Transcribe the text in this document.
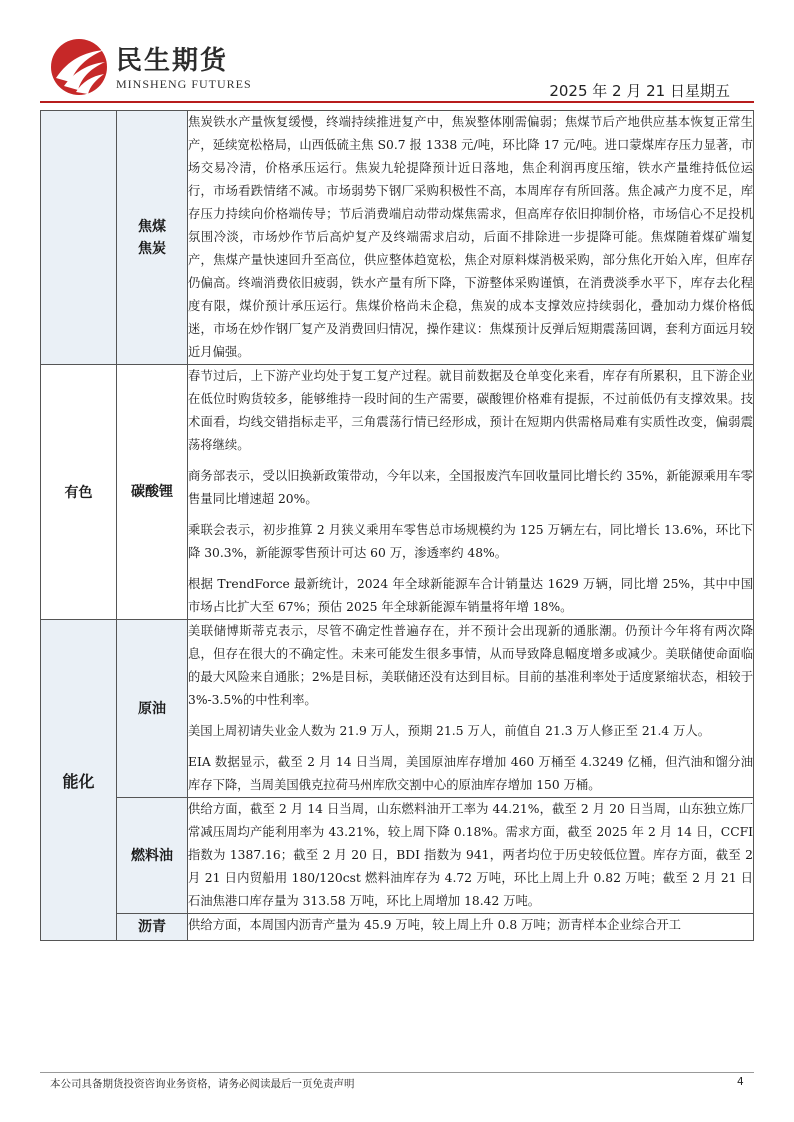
民生期货
MINSHENG FUTURES	2025 年 2 月 21 日星期五
	焦煤
焦炭	焦炭铁水产量恢复缓慢，终端持续推进复产中，焦炭整体刚需偏弱；焦煤节后产地供应基本恢复正常生产，延续宽松格局，山西低硫主焦 S0.7 报 1338 元/吨，环比降 17 元/吨。进口蒙煤库存压力显著，市场交易冷清，价格承压运行。焦炭九轮提降预计近日落地，焦企利润再度压缩，铁水产量维持低位运行，市场看跌情绪不减。市场弱势下钢厂采购积极性不高，本周库存有所回落。焦企减产力度不足，库存压力持续向价格端传导；节后消费端启动带动煤焦需求，但高库存依旧抑制价格，市场信心不足投机氛围冷淡，市场炒作节后高炉复产及终端需求启动，后面不排除进一步提降可能。焦煤随着煤矿端复产，焦煤产量快速回升至高位，供应整体趋宽松，焦企对原料煤消极采购，部分焦化开始入库，但库存仍偏高。终端消费依旧疲弱，铁水产量有所下降，下游整体采购谨慎，在消费淡季水平下，库存去化程度有限，煤价预计承压运行。焦煤价格尚未企稳，焦炭的成本支撑效应持续弱化，叠加动力煤价格低迷，市场在炒作钢厂复产及消费回归情况，操作建议：焦煤预计反弹后短期震荡回调，套利方面远月较近月偏强。

有色	碳酸锂	春节过后，上下游产业均处于复工复产过程。就目前数据及仓单变化来看，库存有所累积，且下游企业在低位时购货较多，能够维持一段时间的生产需要，碳酸锂价格难有提振，不过前低仍有支撑效果。技术面看，均线交错指标走平，三角震荡行情已经形成，预计在短期内供需格局难有实质性改变，偏弱震荡将继续。

商务部表示，受以旧换新政策带动，今年以来，全国报废汽车回收量同比增长约 35%，新能源乘用车零售量同比增速超 20%。

乘联会表示，初步推算 2 月狭义乘用车零售总市场规模约为 125 万辆左右，同比增长 13.6%，环比下降 30.3%，新能源零售预计可达 60 万，渗透率约 48%。

根据 TrendForce 最新统计，2024 年全球新能源车合计销量达 1629 万辆，同比增 25%，其中中国市场占比扩大至 67%；预估 2025 年全球新能源车销量将年增 18%。

能化	原油	美联储博斯蒂克表示，尽管不确定性普遍存在，并不预计会出现新的通胀潮。仍预计今年将有两次降息，但存在很大的不确定性。未来可能发生很多事情，从而导致降息幅度增多或减少。美联储使命面临的最大风险来自通胀；2%是目标，美联储还没有达到目标。目前的基准利率处于适度紧缩状态，相较于 3%-3.5%的中性利率。

美国上周初请失业金人数为 21.9 万人，预期 21.5 万人，前值自 21.3 万人修正至 21.4 万人。

EIA 数据显示，截至 2 月 14 日当周，美国原油库存增加 460 万桶至 4.3249 亿桶，但汽油和馏分油库存下降，当周美国俄克拉荷马州库欣交割中心的原油库存增加 150 万桶。

	燃料油	供给方面，截至 2 月 14 日当周，山东燃料油开工率为 44.21%，截至 2 月 20 日当周，山东独立炼厂常减压周均产能利用率为 43.21%，较上周下降 0.18%。需求方面，截至 2025 年 2 月 14 日，CCFI 指数为 1387.16；截至 2 月 20 日，BDI 指数为 941，两者均位于历史较低位置。库存方面，截至 2 月 21 日内贸船用 180/120cst 燃料油库存为 4.72 万吨，环比上周上升 0.82 万吨；截至 2 月 21 日石油焦港口库存量为 313.58 万吨，环比上周增加 18.42 万吨。

	沥青	供给方面，本周国内沥青产量为 45.9 万吨，较上周上升 0.8 万吨；沥青样本企业综合开工

本公司具备期货投资咨询业务资格，请务必阅读最后一页免责声明	4
